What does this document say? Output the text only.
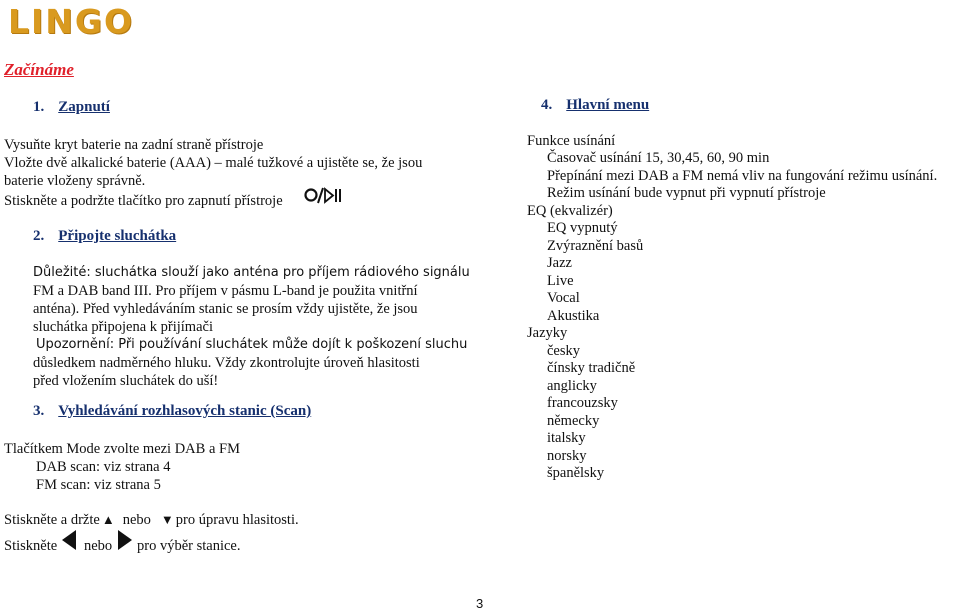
LINGO
Začínáme
1. Zapnutí
Vysuňte kryt baterie na zadní straně přístroje
Vložte dvě alkalické baterie (AAA) – malé tužkové a ujistěte se, že jsou
baterie vloženy správně.
Stiskněte a podržte tlačítko pro zapnutí přístroje
2. Připojte sluchátka
Důležité: sluchátka slouží jako anténa pro příjem rádiového signálu
FM a DAB band III. Pro příjem v pásmu L-band je použita vnitřní
anténa). Před vyhledáváním stanic se prosím vždy ujistěte, že jsou
sluchátka připojena k přijímači
Upozornění: Při používání sluchátek může dojít k poškození sluchu
důsledkem nadměrného hluku. Vždy zkontrolujte úroveň hlasitosti
před vložením sluchátek do uší!
3. Vyhledávání rozhlasových stanic (Scan)
Tlačítkem Mode zvolte mezi DAB a FM
DAB scan: viz strana 4
FM scan: viz strana 5
Stiskněte a držte ▲ nebo ▼ pro úpravu hlasitosti.
Stiskněte nebo pro výběr stanice.
4. Hlavní menu
Funkce usínání
Časovač usínání 15, 30,45, 60, 90 min
Přepínání mezi DAB a FM nemá vliv na fungování režimu usínání.
Režim usínání bude vypnut při vypnutí přístroje
EQ (ekvalizér)
EQ vypnutý
Zvýraznění basů
Jazz
Live
Vocal
Akustika
Jazyky
česky
čínsky tradičně
anglicky
francouzsky
německy
italsky
norsky
španělsky
3
